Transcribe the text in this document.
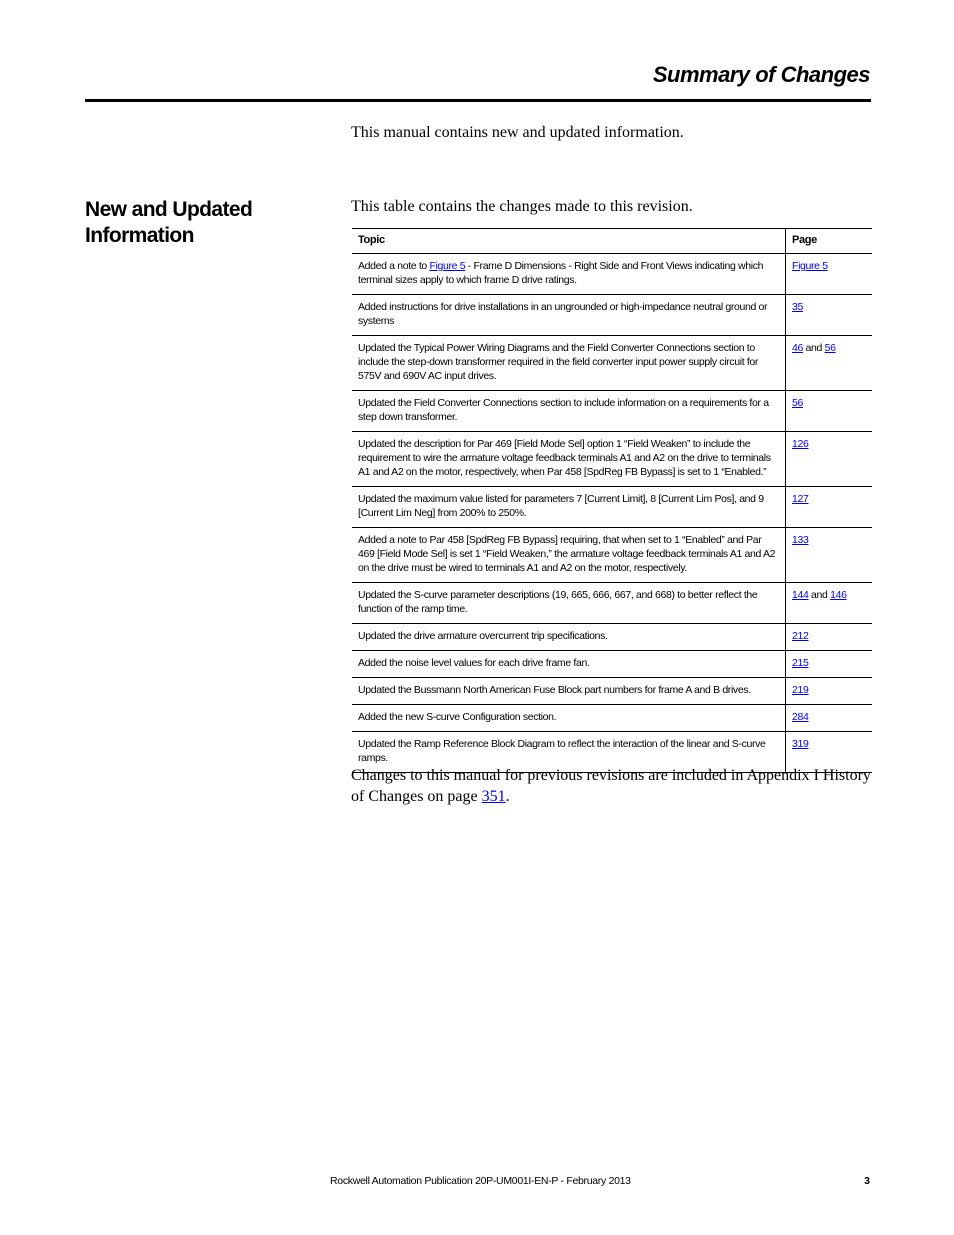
Summary of Changes

This manual contains new and updated information.

New and Updated Information

This table contains the changes made to this revision.

Topic	Page
Added a note to Figure 5 - Frame D Dimensions - Right Side and Front Views indicating which terminal sizes apply to which frame D drive ratings.	Figure 5
Added instructions for drive installations in an ungrounded or high-impedance neutral ground or systems	35
Updated the Typical Power Wiring Diagrams and the Field Converter Connections section to include the step-down transformer required in the field converter input power supply circuit for 575V and 690V AC input drives.	46 and 56
Updated the Field Converter Connections section to include information on a requirements for a step down transformer.	56
Updated the description for Par 469 [Field Mode Sel] option 1 “Field Weaken” to include the requirement to wire the armature voltage feedback terminals A1 and A2 on the drive to terminals A1 and A2 on the motor, respectively, when Par 458 [SpdReg FB Bypass] is set to 1 “Enabled.”	126
Updated the maximum value listed for parameters 7 [Current Limit], 8 [Current Lim Pos], and 9 [Current Lim Neg] from 200% to 250%.	127
Added a note to Par 458 [SpdReg FB Bypass] requiring, that when set to 1 “Enabled” and Par 469 [Field Mode Sel] is set 1 “Field Weaken,” the armature voltage feedback terminals A1 and A2 on the drive must be wired to terminals A1 and A2 on the motor, respectively.	133
Updated the S-curve parameter descriptions (19, 665, 666, 667, and 668) to better reflect the function of the ramp time.	144 and 146
Updated the drive armature overcurrent trip specifications.	212
Added the noise level values for each drive frame fan.	215
Updated the Bussmann North American Fuse Block part numbers for frame A and B drives.	219
Added the new S-curve Configuration section.	284
Updated the Ramp Reference Block Diagram to reflect the interaction of the linear and S-curve ramps.	319

Changes to this manual for previous revisions are included in Appendix I History of Changes on page 351.

Rockwell Automation Publication 20P-UM001I-EN-P - February 2013	3
